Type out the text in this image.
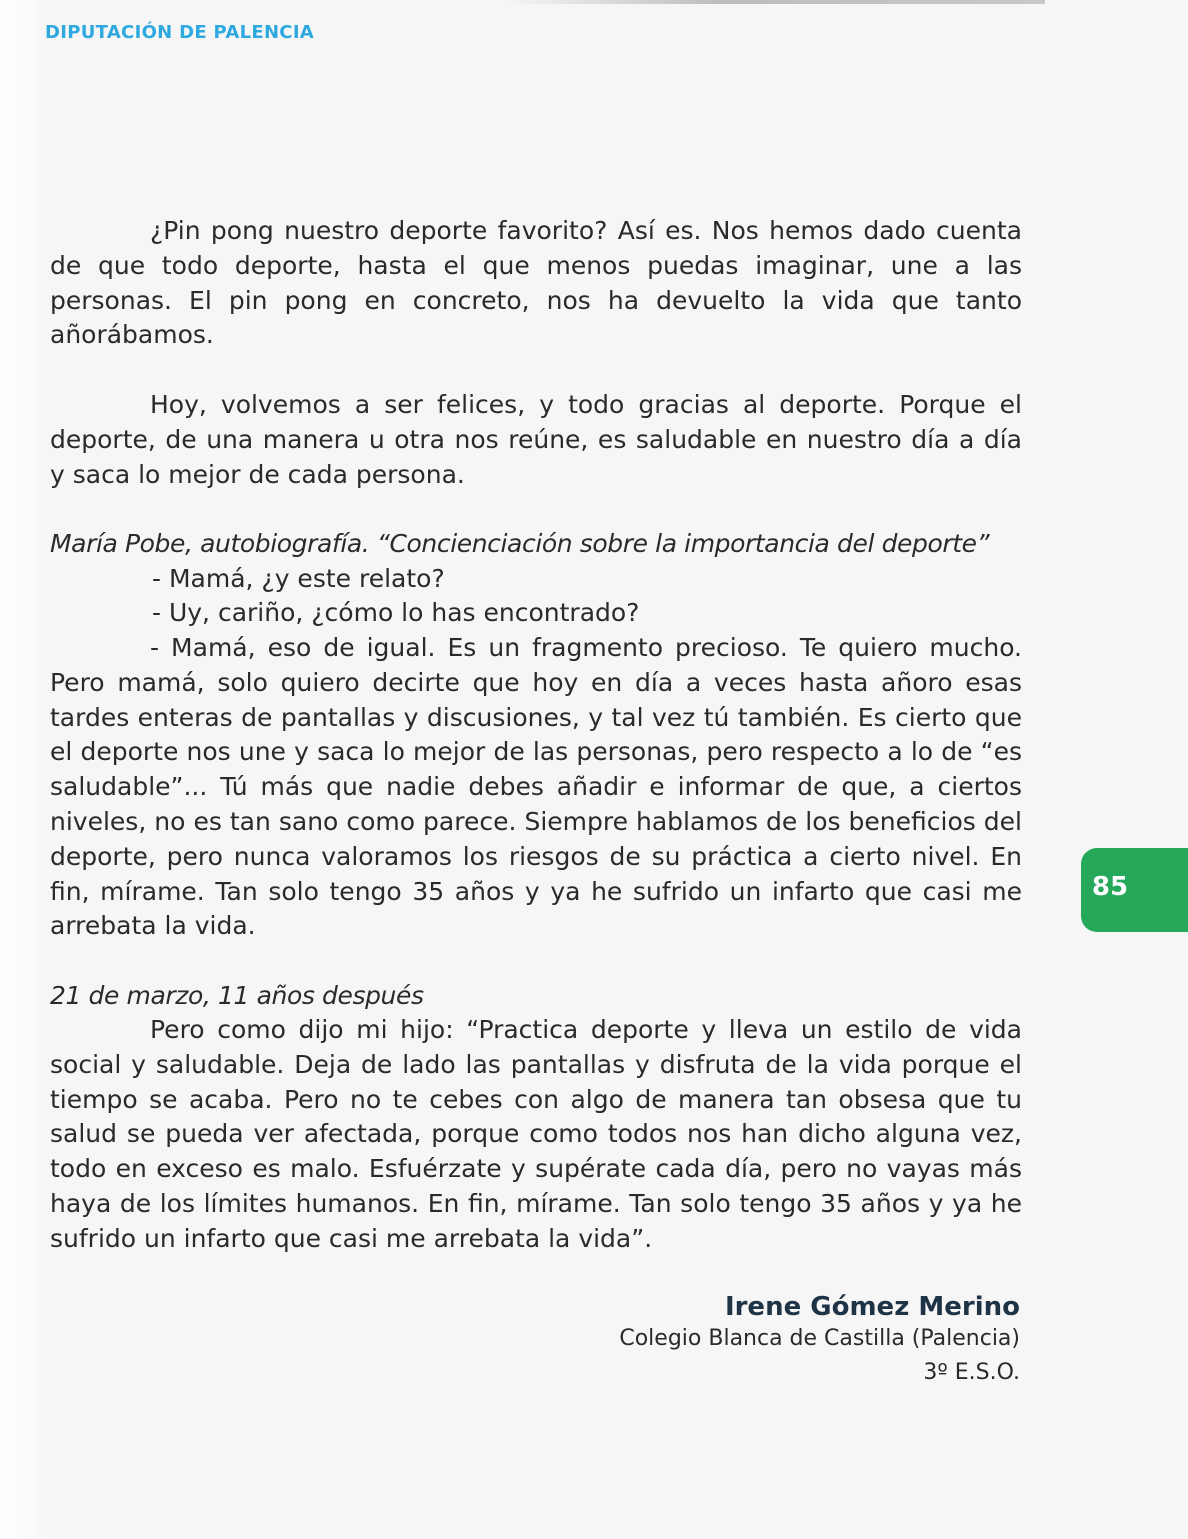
DIPUTACIÓN DE PALENCIA

¿Pin pong nuestro deporte favorito? Así es. Nos hemos dado cuenta de que todo deporte, hasta el que menos puedas imaginar, une a las personas. El pin pong en concreto, nos ha devuelto la vida que tanto añorábamos.

Hoy, volvemos a ser felices, y todo gracias al deporte. Porque el deporte, de una manera u otra nos reúne, es saludable en nuestro día a día y saca lo mejor de cada persona.

María Pobe, autobiografía. “Concienciación sobre la importancia del deporte”

- Mamá, ¿y este relato?

- Uy, cariño, ¿cómo lo has encontrado?

- Mamá, eso de igual. Es un fragmento precioso. Te quiero mucho. Pero mamá, solo quiero decirte que hoy en día a veces hasta añoro esas tardes enteras de pantallas y discusiones, y tal vez tú también. Es cierto que el deporte nos une y saca lo mejor de las personas, pero respecto a lo de “es saludable”... Tú más que nadie debes añadir e informar de que, a ciertos niveles, no es tan sano como parece. Siempre hablamos de los beneficios del deporte, pero nunca valoramos los riesgos de su práctica a cierto nivel. En fin, mírame. Tan solo tengo 35 años y ya he sufrido un infarto que casi me arrebata la vida.

21 de marzo, 11 años después

Pero como dijo mi hijo: “Practica deporte y lleva un estilo de vida social y saludable. Deja de lado las pantallas y disfruta de la vida porque el tiempo se acaba. Pero no te cebes con algo de manera tan obsesa que tu salud se pueda ver afectada, porque como todos nos han dicho alguna vez, todo en exceso es malo. Esfuérzate y supérate cada día, pero no vayas más haya de los límites humanos. En fin, mírame. Tan solo tengo 35 años y ya he sufrido un infarto que casi me arrebata la vida”.

Irene Gómez Merino
Colegio Blanca de Castilla (Palencia)
3º E.S.O.
85
